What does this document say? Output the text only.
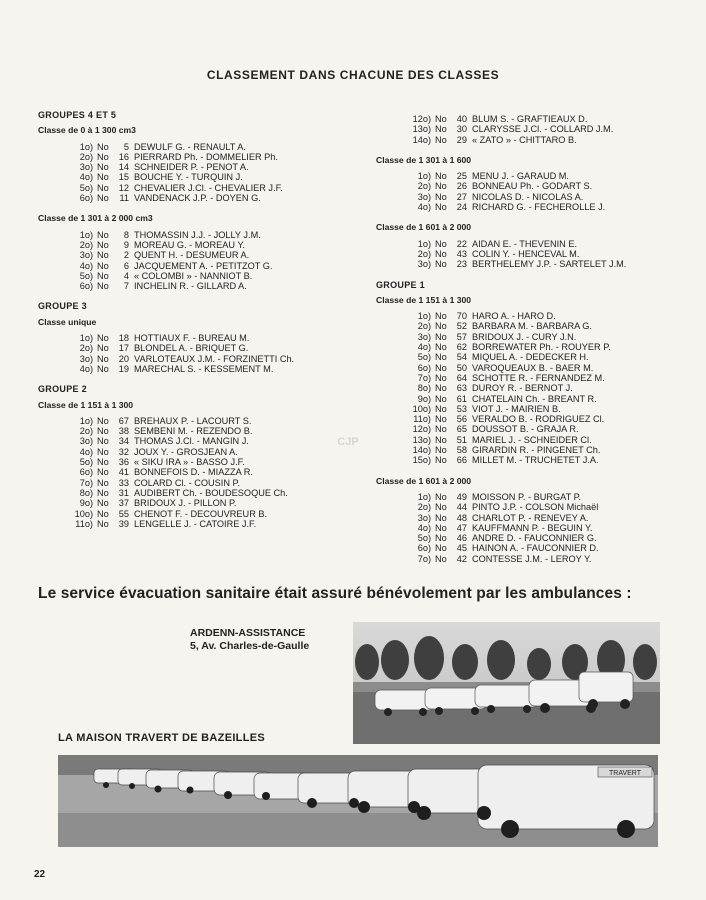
CLASSEMENT DANS CHACUNE DES CLASSES
GROUPES 4 ET 5
Classe de 0 à 1 300 cm3
1o) No 5 DEWULF G. - RENAULT A.
2o) No 16 PIERRARD Ph. - DOMMELIER Ph.
3o) No 14 SCHNEIDER P. - PENOT A.
4o) No 15 BOUCHE Y. - TURQUIN J.
5o) No 12 CHEVALIER J.Cl. - CHEVALIER J.F.
6o) No 11 VANDENACK J.P. - DOYEN G.
Classe de 1 301 à 2 000 cm3
1o) No 8 THOMASSIN J.J. - JOLLY J.M.
2o) No 9 MOREAU G. - MOREAU Y.
3o) No 2 QUENT H. - DESUMEUR A.
4o) No 6 JACQUEMENT A. - PETITZOT G.
5o) No 4 « COLOMBI » - NANNIOT B.
6o) No 7 INCHELIN R. - GILLARD A.
GROUPE 3
Classe unique
1o) No 18 HOTTIAUX F. - BUREAU M.
2o) No 17 BLONDEL A. - BRIQUET G.
3o) No 20 VARLOTEAUX J.M. - FORZINETTI Ch.
4o) No 19 MARECHAL S. - KESSEMENT M.
GROUPE 2
Classe de 1 151 à 1 300
1o) No 67 BREHAUX P. - LACOURT S.
2o) No 38 SEMBENI M. - REZENDO B.
3o) No 34 THOMAS J.Cl. - MANGIN J.
4o) No 32 JOUX Y. - GROSJEAN A.
5o) No 36 « SIKU IRA » - BASSO J.F.
6o) No 41 BONNEFOIS D. - MIAZZA R.
7o) No 33 COLARD Cl. - COUSIN P.
8o) No 31 AUDIBERT Ch. - BOUDESOQUE Ch.
9o) No 37 BRIDOUX J. - PILLON P.
10o) No 55 CHENOT F. - DECOUVREUR B.
11o) No 39 LENGELLE J. - CATOIRE J.F.
12o) No 40 BLUM S. - GRAFTIEAUX D.
13o) No 30 CLARYSSE J.Cl. - COLLARD J.M.
14o) No 29 « ZATO » - CHITTARO B.
Classe de 1 301 à 1 600
1o) No 25 MENU J. - GARAUD M.
2o) No 26 BONNEAU Ph. - GODART S.
3o) No 27 NICOLAS D. - NICOLAS A.
4o) No 24 RICHARD G. - FECHEROLLE J.
Classe de 1 601 à 2 000
1o) No 22 AIDAN E. - THEVENIN E.
2o) No 43 COLIN Y. - HENCEVAL M.
3o) No 23 BERTHELEMY J.P. - SARTELET J.M.
GROUPE 1
Classe de 1 151 à 1 300
1o) No 70 HARO A. - HARO D.
2o) No 52 BARBARA M. - BARBARA G.
3o) No 57 BRIDOUX J. - CURY J.N.
4o) No 62 BORREWATER Ph. - ROUYER P.
5o) No 54 MIQUEL A. - DEDECKER H.
6o) No 50 VAROQUEAUX B. - BAER M.
7o) No 64 SCHOTTE R. - FERNANDEZ M.
8o) No 63 DUROY R. - BERNOT J.
9o) No 61 CHATELAIN Ch. - BREANT R.
10o) No 53 VIOT J. - MAIRIEN B.
11o) No 56 VERALDO B. - RODRIGUEZ Cl.
12o) No 65 DOUSSOT B. - GRAJA R.
13o) No 51 MARIEL J. - SCHNEIDER Cl.
14o) No 58 GIRARDIN R. - PINGENET Ch.
15o) No 66 MILLET M. - TRUCHETET J.A.
Classe de 1 601 à 2 000
1o) No 49 MOISSON P. - BURGAT P.
2o) No 44 PINTO J.P. - COLSON Michaël
3o) No 48 CHARLOT P. - RENEVEY A.
4o) No 47 KAUFFMANN P. - BEGUIN Y.
5o) No 46 ANDRE D. - FAUCONNIER G.
6o) No 45 HAINON A. - FAUCONNIER D.
7o) No 42 CONTESSE J.M. - LEROY Y.
CJP
Le service évacuation sanitaire était assuré bénévolement par les ambulances :
ARDENN-ASSISTANCE
5, Av. Charles-de-Gaulle
LA MAISON TRAVERT DE BAZEILLES
TRAVERT
22
